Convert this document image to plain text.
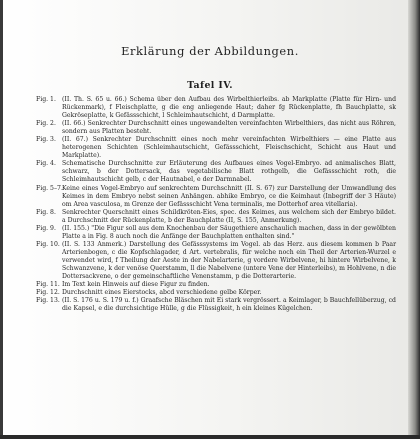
Erklärung der Abbildungen.
Tafel IV.
Fig. 1. (II. Th. S. 65 u. 66.) Schema über den Aufbau des Wirbelthierleibs. ab Markplatte (Platte für Hirn- und Rückenmark), f Fleischplatte, g die eng anliegende Haut; daher fg Rückenplatte, fh Bauchplatte, sk Gekröseplatte, k Gefässschicht, l Schleimhautschicht, d Darmplatte.
Fig. 2. (II. 66.) Senkrechter Durchschnitt eines ungewandelten vereinfachten Wirbelthiers, das nicht aus Röhren, sondern aus Platten besteht.
Fig. 3. (II. 67.) Senkrechter Durchschnitt eines noch mehr vereinfachten Wirbelthiers — eine Platte aus heterogenen Schichten (Schleimhautschicht, Gefässschicht, Fleischschicht, Schicht aus Haut und Markplatte).
Fig. 4. Schematische Durchschnitte zur Erläuterung des Aufbaues eines Vogel-Embryo. ad animalisches Blatt, schwarz, b der Dottersack, das vegetabilische Blatt rothgelb, die Gefässschicht roth, die Schleimhautschicht gelb, c der Hautnabel, e der Darmnabel.
Fig. 5–7. Keine eines Vogel-Embryo auf senkrechtem Durchschnitt (II. S. 67) zur Darstellung der Umwandlung des Keimes in dem Embryo nebst seinen Anhängen. abhike Embryo, ce die Keimhaut (Inbegriff der 3 Häute) om Area vasculosa, m Grenze der Gefässschicht Vena terminalis, me Dotterhof area vitellaria).
Fig. 8. Senkrechter Querschnitt eines Schildkröten-Eies, spec. des Keimes, aus welchem sich der Embryo bildet. a Durchschnitt der Rückenplatte, b der Bauchplatte (II, S. 155, Anmerkung).
Fig. 9. (II. 155.) "Die Figur soll aus dem Knochenbau der Säugethiere anschaulich machen, dass in der gewölbten Platte a in Fig. 8 auch noch die Anfänge der Bauchplatten enthalten sind."
Fig. 10. (II. S. 133 Anmerk.) Darstellung des Gefässsystems im Vogel. ab das Herz. aus diesem kommen b Paar Arterienbogen, c die Kopfschlagader, d Art. vertebralis, für welche noch ein Theil der Arterien-Wurzel e verwendet wird, f Theilung der Aeste in der Nabelarterie, g vordere Wirbelvene, hi hintere Wirbelvene, k Schwanzvene, k der venöse Querstamm, ll die Nabelvene (untere Vene der Hinterleibs), m Hohlvene, n die Dottersackvene, o der gemeinschaftliche Venenstamm, p die Dotterarterie.
Fig. 11. Im Text kein Hinweis auf diese Figur zu finden.
Fig. 12. Durchschnitt eines Eierstocks, abcd verschiedene gelbe Körper.
Fig. 13. (II. S. 176 u. S. 179 u. f.) Graafsche Bläschen mit Ei stark vergrössert. a Keimlager, b Bauchfellüberzug, cd die Kapsel, e die durchsichtige Hülle, g die Flüssigkeit, h ein kleines Kügelchen.
